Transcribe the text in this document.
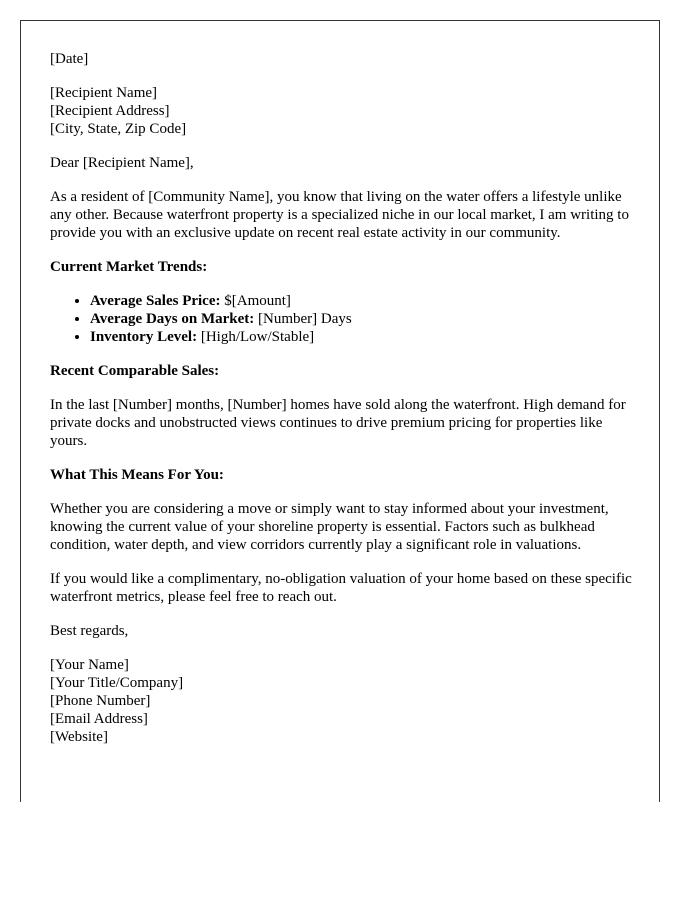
[Date]

[Recipient Name]
[Recipient Address]
[City, State, Zip Code]

Dear [Recipient Name],

As a resident of [Community Name], you know that living on the water offers a lifestyle unlike any other. Because waterfront property is a specialized niche in our local market, I am writing to provide you with an exclusive update on recent real estate activity in our community.

Current Market Trends:

• Average Sales Price: $[Amount]
• Average Days on Market: [Number] Days
• Inventory Level: [High/Low/Stable]

Recent Comparable Sales:

In the last [Number] months, [Number] homes have sold along the waterfront. High demand for private docks and unobstructed views continues to drive premium pricing for properties like yours.

What This Means For You:

Whether you are considering a move or simply want to stay informed about your investment, knowing the current value of your shoreline property is essential. Factors such as bulkhead condition, water depth, and view corridors currently play a significant role in valuations.

If you would like a complimentary, no-obligation valuation of your home based on these specific waterfront metrics, please feel free to reach out.

Best regards,

[Your Name]
[Your Title/Company]
[Phone Number]
[Email Address]
[Website]
